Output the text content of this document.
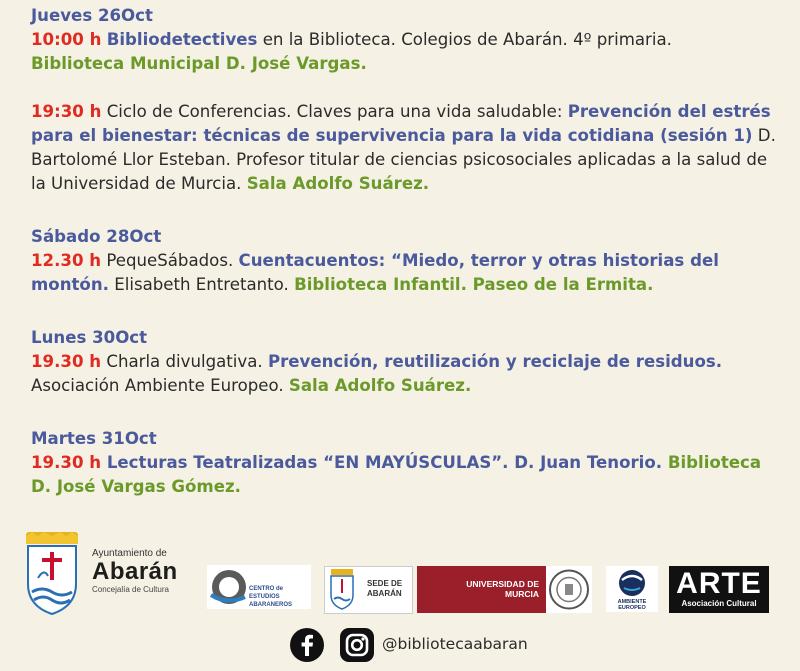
Jueves 26Oct

10:00 h Bibliodetectives en la Biblioteca. Colegios de Abarán. 4º primaria.
Biblioteca Municipal D. José Vargas.

19:30 h Ciclo de Conferencias. Claves para una vida saludable: Prevención del estrés para el bienestar: técnicas de supervivencia para la vida cotidiana (sesión 1) D. Bartolomé Llor Esteban. Profesor titular de ciencias psicosociales aplicadas a la salud de la Universidad de Murcia. Sala Adolfo Suárez.

Sábado 28Oct

12.30 h PequeSábados. Cuentacuentos: “Miedo, terror y otras historias del montón. Elisabeth Entretanto. Biblioteca Infantil. Paseo de la Ermita.

Lunes 30Oct

19.30 h Charla divulgativa. Prevención, reutilización y reciclaje de residuos.
Asociación Ambiente Europeo. Sala Adolfo Suárez.

Martes 31Oct

19.30 h Lecturas Teatralizadas “EN MAYÚSCULAS”. D. Juan Tenorio. Biblioteca D. José Vargas Gómez.

Ayuntamiento de
Abarán
Concejalía de Cultura	CENTRO de ESTUDIOS
ABARANEROS
SEDE DE
ABARÁN
UNIVERSIDAD DE
MURCIA
AMBIENTE
EUROPEO
ARTE
Asociación Cultural
@bibliotecaabaran
